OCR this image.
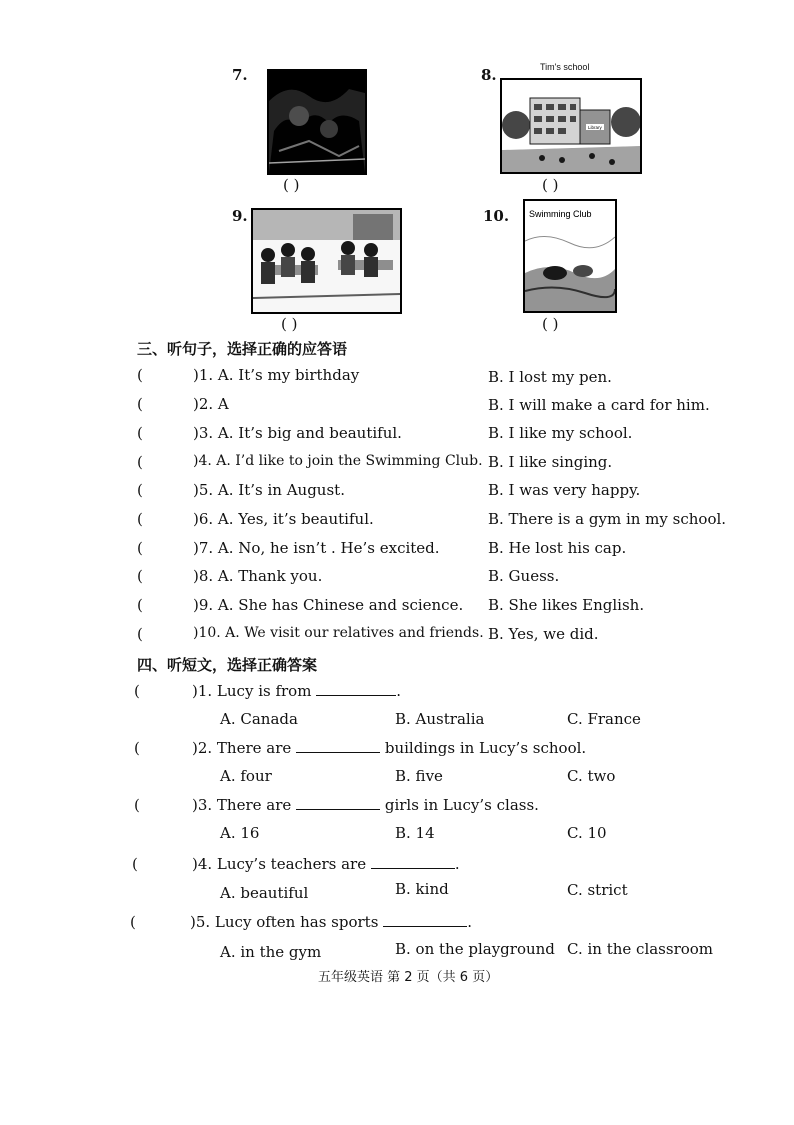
7.
( )
8.	Tim's school
Library
( )
9.
( )
10. Swimming Club
( )
三、听句子，选择正确的应答语
(	)1. A. It’s my birthday	B. I lost my pen.
(	)2. A	B. I will make a card for him.
(	)3. A. It’s big and beautiful.	B. I like my school.
(	)4. A. I’d like to join the Swimming Club. B. I like singing.
(	)5. A. It’s in August.	B. I was very happy.
(	)6. A. Yes, it’s beautiful.	B. There is a gym in my school.
(	)7. A. No, he isn’t . He’s excited.	B. He lost his cap.
(	)8. A. Thank you.	B. Guess.
(	)9. A. She has Chinese and science. B. She likes English.
(	)10. A. We visit our relatives and friends. B. Yes, we did.
四、听短文，选择正确答案
(	)1. Lucy is from	.
A. Canada	B. Australia	C. France
(	)2. There are	buildings in Lucy’s school.
A. four	B. five	C. two
(	)3. There are	girls in Lucy’s class.
A. 16	B. 14	C. 10
(	)4. Lucy’s teachers are	.
A. beautiful	B. kind	C. strict
(	)5. Lucy often has sports	.
A. in the gym	B. on the playground C. in the classroom
五年级英语 第 2 页（共 6 页）
